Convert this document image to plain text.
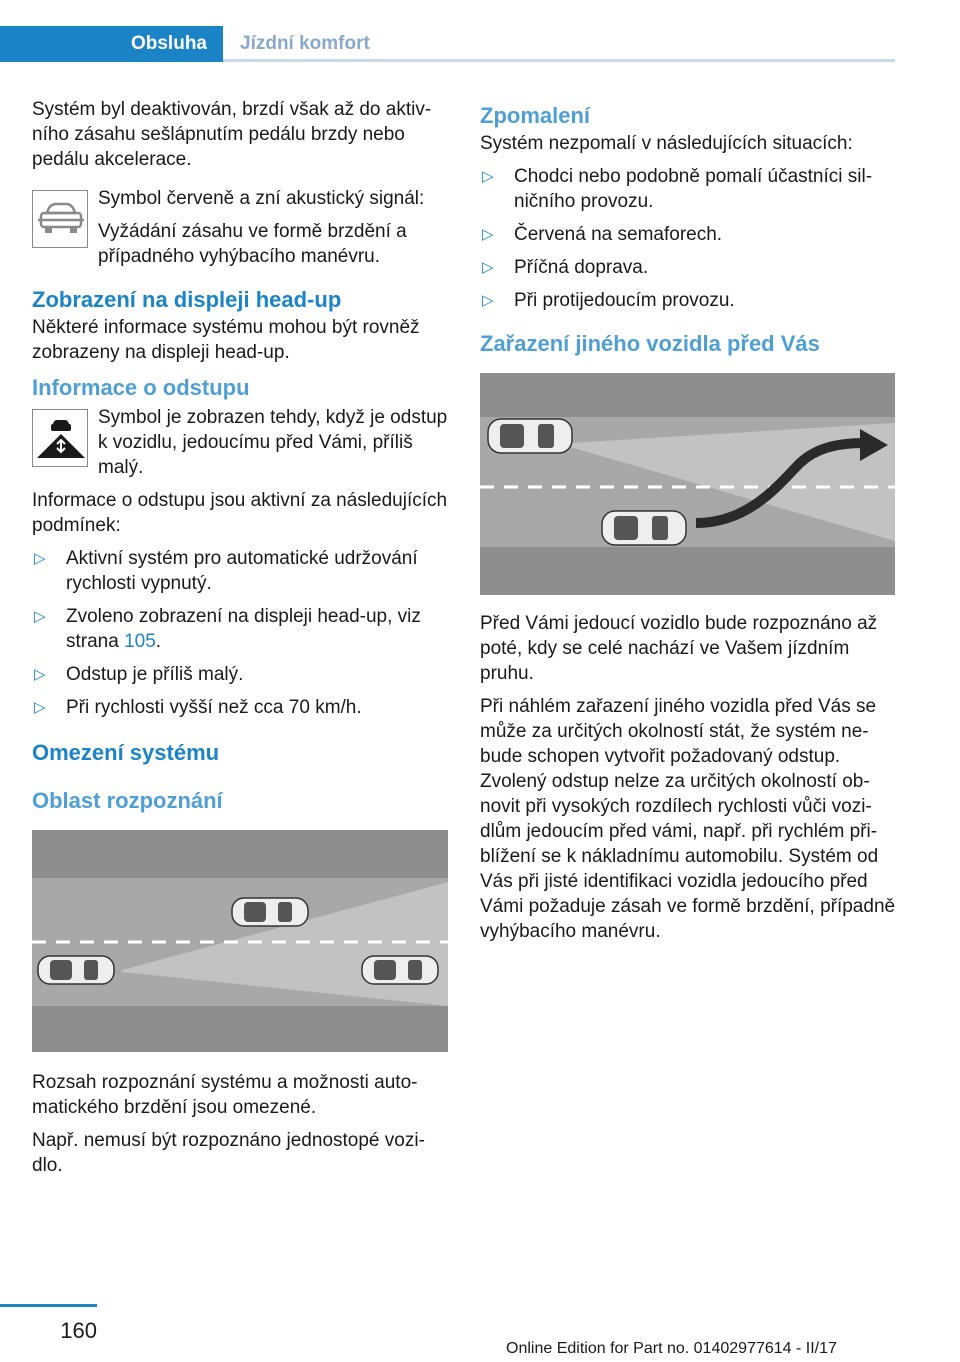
Obsluha	Jízdní komfort

Systém byl deaktivován, brzdí však až do aktivního zásahu sešlápnutím pedálu brzdy nebo pedálu akcelerace.

Symbol červeně a zní akustický signál:

Vyžádání zásahu ve formě brzdění a případného vyhýbacího manévru.

Zobrazení na displeji head-up

Některé informace systému mohou být rovněž zobrazeny na displeji head-up.

Informace o odstupu

Symbol je zobrazen tehdy, když je odstup k vozidlu, jedoucímu před Vámi, příliš malý.

Informace o odstupu jsou aktivní za následujících podmínek:

▷ Aktivní systém pro automatické udržování rychlosti vypnutý.
▷ Zvoleno zobrazení na displeji head-up, viz strana 105.
▷ Odstup je příliš malý.
▷ Při rychlosti vyšší než cca 70 km/h.
Omezení systému
Oblast rozpoznání

Rozsah rozpoznání systému a možnosti automatického brzdění jsou omezené.

Např. nemusí být rozpoznáno jednostopé vozidlo.

Zpomalení

Systém nezpomalí v následujících situacích:

▷ Chodci nebo podobně pomalí účastníci silničního provozu.
▷ Červená na semaforech.
▷ Příčná doprava.
▷ Při protijedoucím provozu.
Zařazení jiného vozidla před Vás

Před Vámi jedoucí vozidlo bude rozpoznáno až poté, kdy se celé nachází ve Vašem jízdním pruhu.

Při náhlém zařazení jiného vozidla před Vás se může za určitých okolností stát, že systém nebude schopen vytvořit požadovaný odstup. Zvolený odstup nelze za určitých okolností obnovit při vysokých rozdílech rychlosti vůči vozidlům jedoucím před vámi, např. při rychlém přiblížení se k nákladnímu automobilu. Systém od Vás při jisté identifikaci vozidla jedoucího před Vámi požaduje zásah ve formě brzdění, případně vyhýbacího manévru.

160
Online Edition for Part no. 01402977614 - II/17
